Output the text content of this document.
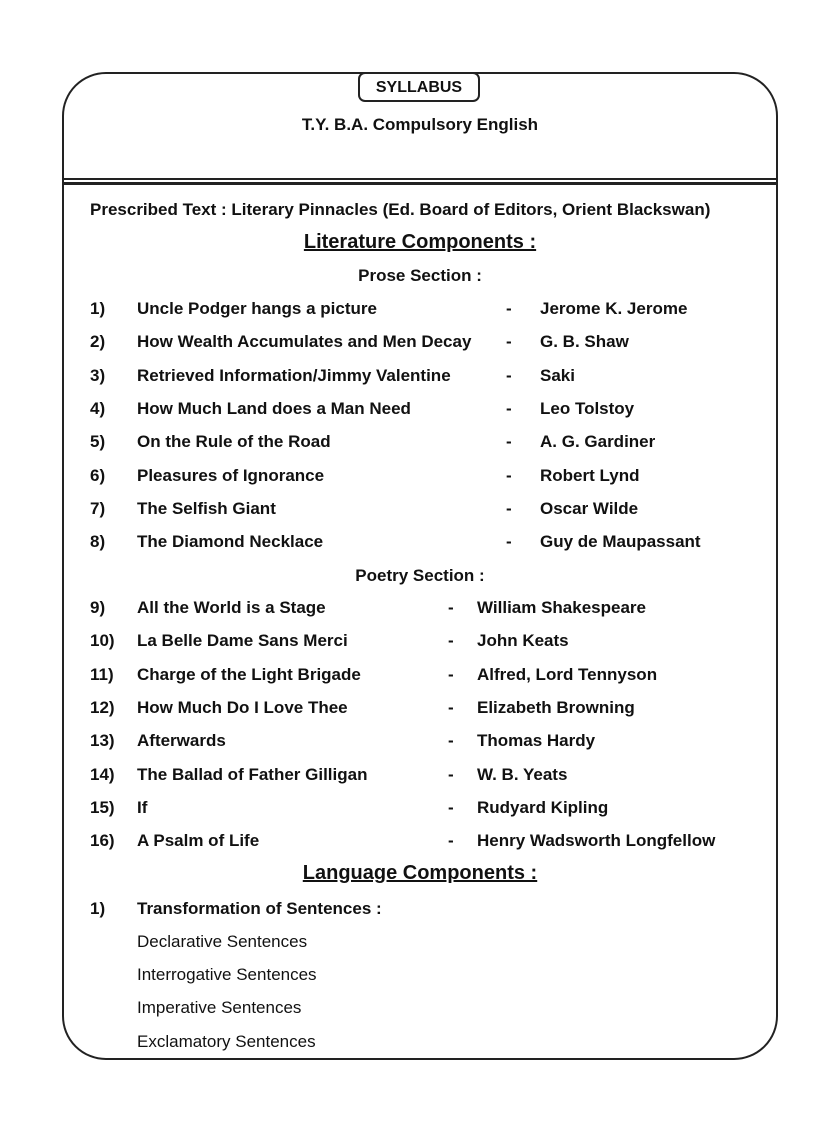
SYLLABUS
T.Y. B.A. Compulsory English
Prescribed Text : Literary Pinnacles (Ed. Board of Editors, Orient Blackswan)
Literature Components :
Prose Section :
1) Uncle Podger hangs a picture	- Jerome K. Jerome
2) How Wealth Accumulates and Men Decay - G. B. Shaw
3) Retrieved Information/Jimmy Valentine	- Saki
4) How Much Land does a Man Need	- Leo Tolstoy
5) On the Rule of the Road	- A. G. Gardiner
6) Pleasures of Ignorance	- Robert Lynd
7) The Selfish Giant	- Oscar Wilde
8) The Diamond Necklace	- Guy de Maupassant
Poetry Section :
9) All the World is a Stage	- William Shakespeare
10) La Belle Dame Sans Merci	- John Keats
11) Charge of the Light Brigade	- Alfred, Lord Tennyson
12) How Much Do I Love Thee	- Elizabeth Browning
13) Afterwards	- Thomas Hardy
14) The Ballad of Father Gilligan	- W. B. Yeats
15) If	- Rudyard Kipling
16) A Psalm of Life	- Henry Wadsworth Longfellow
Language Components :
1) Transformation of Sentences :
Declarative Sentences
Interrogative Sentences
Imperative Sentences
Exclamatory Sentences
